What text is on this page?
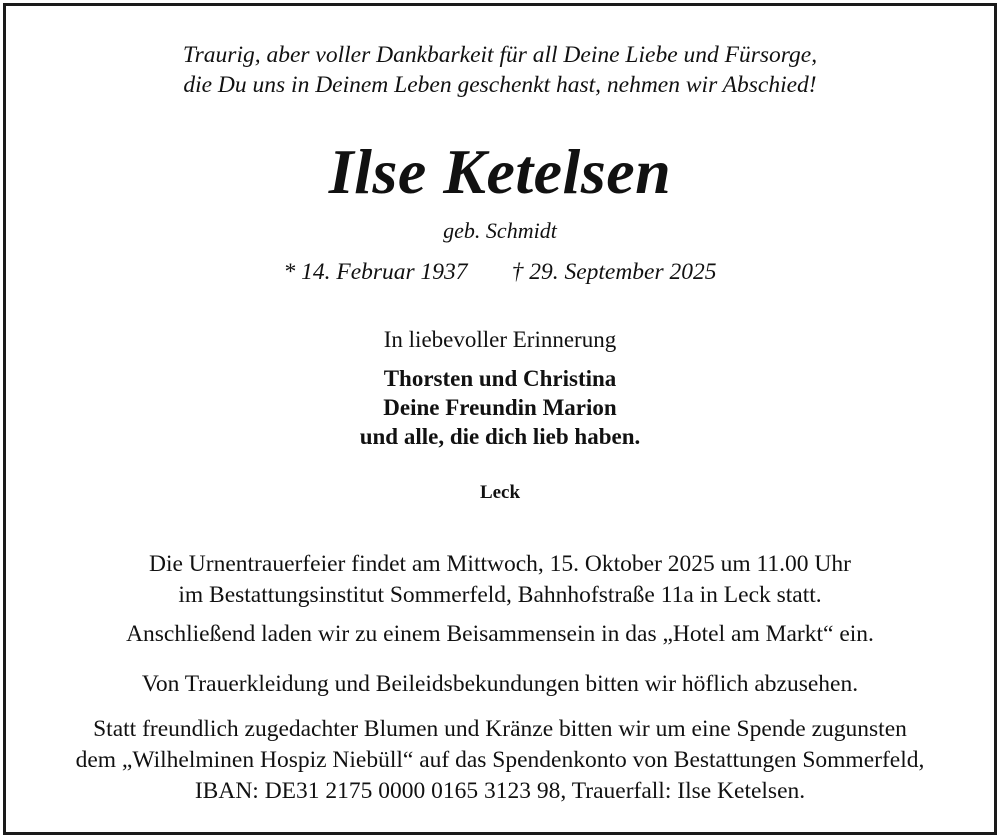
Traurig, aber voller Dankbarkeit für all Deine Liebe und Fürsorge,
die Du uns in Deinem Leben geschenkt hast, nehmen wir Abschied!
Ilse Ketelsen
geb. Schmidt
* 14. Februar 1937 † 29. September 2025
In liebevoller Erinnerung
Thorsten und Christina
Deine Freundin Marion
und alle, die dich lieb haben.
Leck
Die Urnentrauerfeier findet am Mittwoch, 15. Oktober 2025 um 11.00 Uhr
im Bestattungsinstitut Sommerfeld, Bahnhofstraße 11a in Leck statt.
Anschließend laden wir zu einem Beisammensein in das „Hotel am Markt“ ein.
Von Trauerkleidung und Beileidsbekundungen bitten wir höflich abzusehen.
Statt freundlich zugedachter Blumen und Kränze bitten wir um eine Spende zugunsten
dem „Wilhelminen Hospiz Niebüll“ auf das Spendenkonto von Bestattungen Sommerfeld,
IBAN: DE31 2175 0000 0165 3123 98, Trauerfall: Ilse Ketelsen.
